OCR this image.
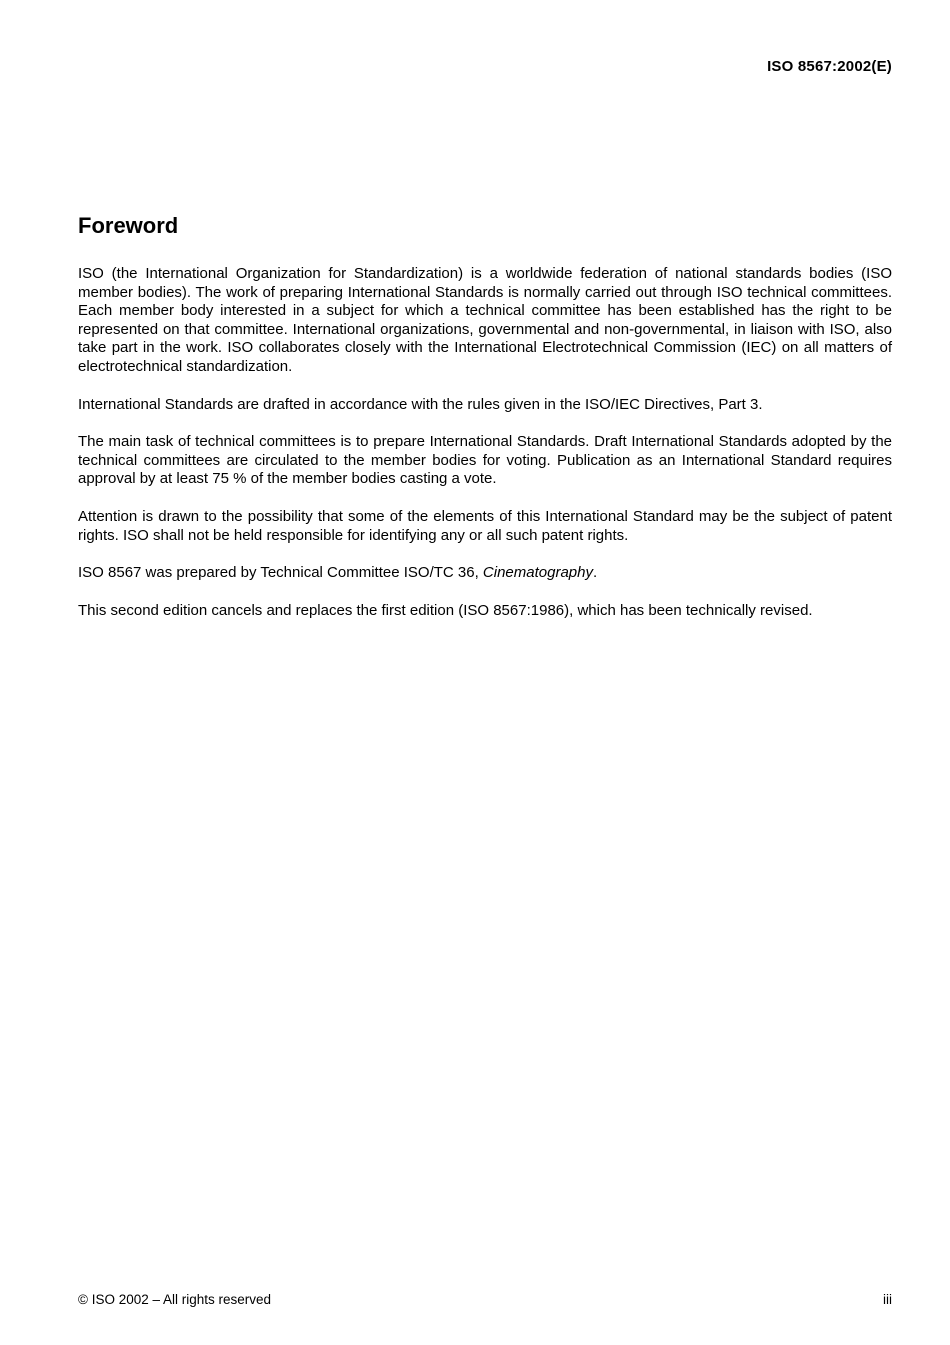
ISO 8567:2002(E)
Foreword

ISO (the International Organization for Standardization) is a worldwide federation of national standards bodies (ISO member bodies). The work of preparing International Standards is normally carried out through ISO technical committees. Each member body interested in a subject for which a technical committee has been established has the right to be represented on that committee. International organizations, governmental and non-governmental, in liaison with ISO, also take part in the work. ISO collaborates closely with the International Electrotechnical Commission (IEC) on all matters of electrotechnical standardization.

International Standards are drafted in accordance with the rules given in the ISO/IEC Directives, Part 3.

The main task of technical committees is to prepare International Standards. Draft International Standards adopted by the technical committees are circulated to the member bodies for voting. Publication as an International Standard requires approval by at least 75 % of the member bodies casting a vote.

Attention is drawn to the possibility that some of the elements of this International Standard may be the subject of patent rights. ISO shall not be held responsible for identifying any or all such patent rights.

ISO 8567 was prepared by Technical Committee ISO/TC 36, Cinematography.

This second edition cancels and replaces the first edition (ISO 8567:1986), which has been technically revised.

© ISO 2002 – All rights reserved	iii
